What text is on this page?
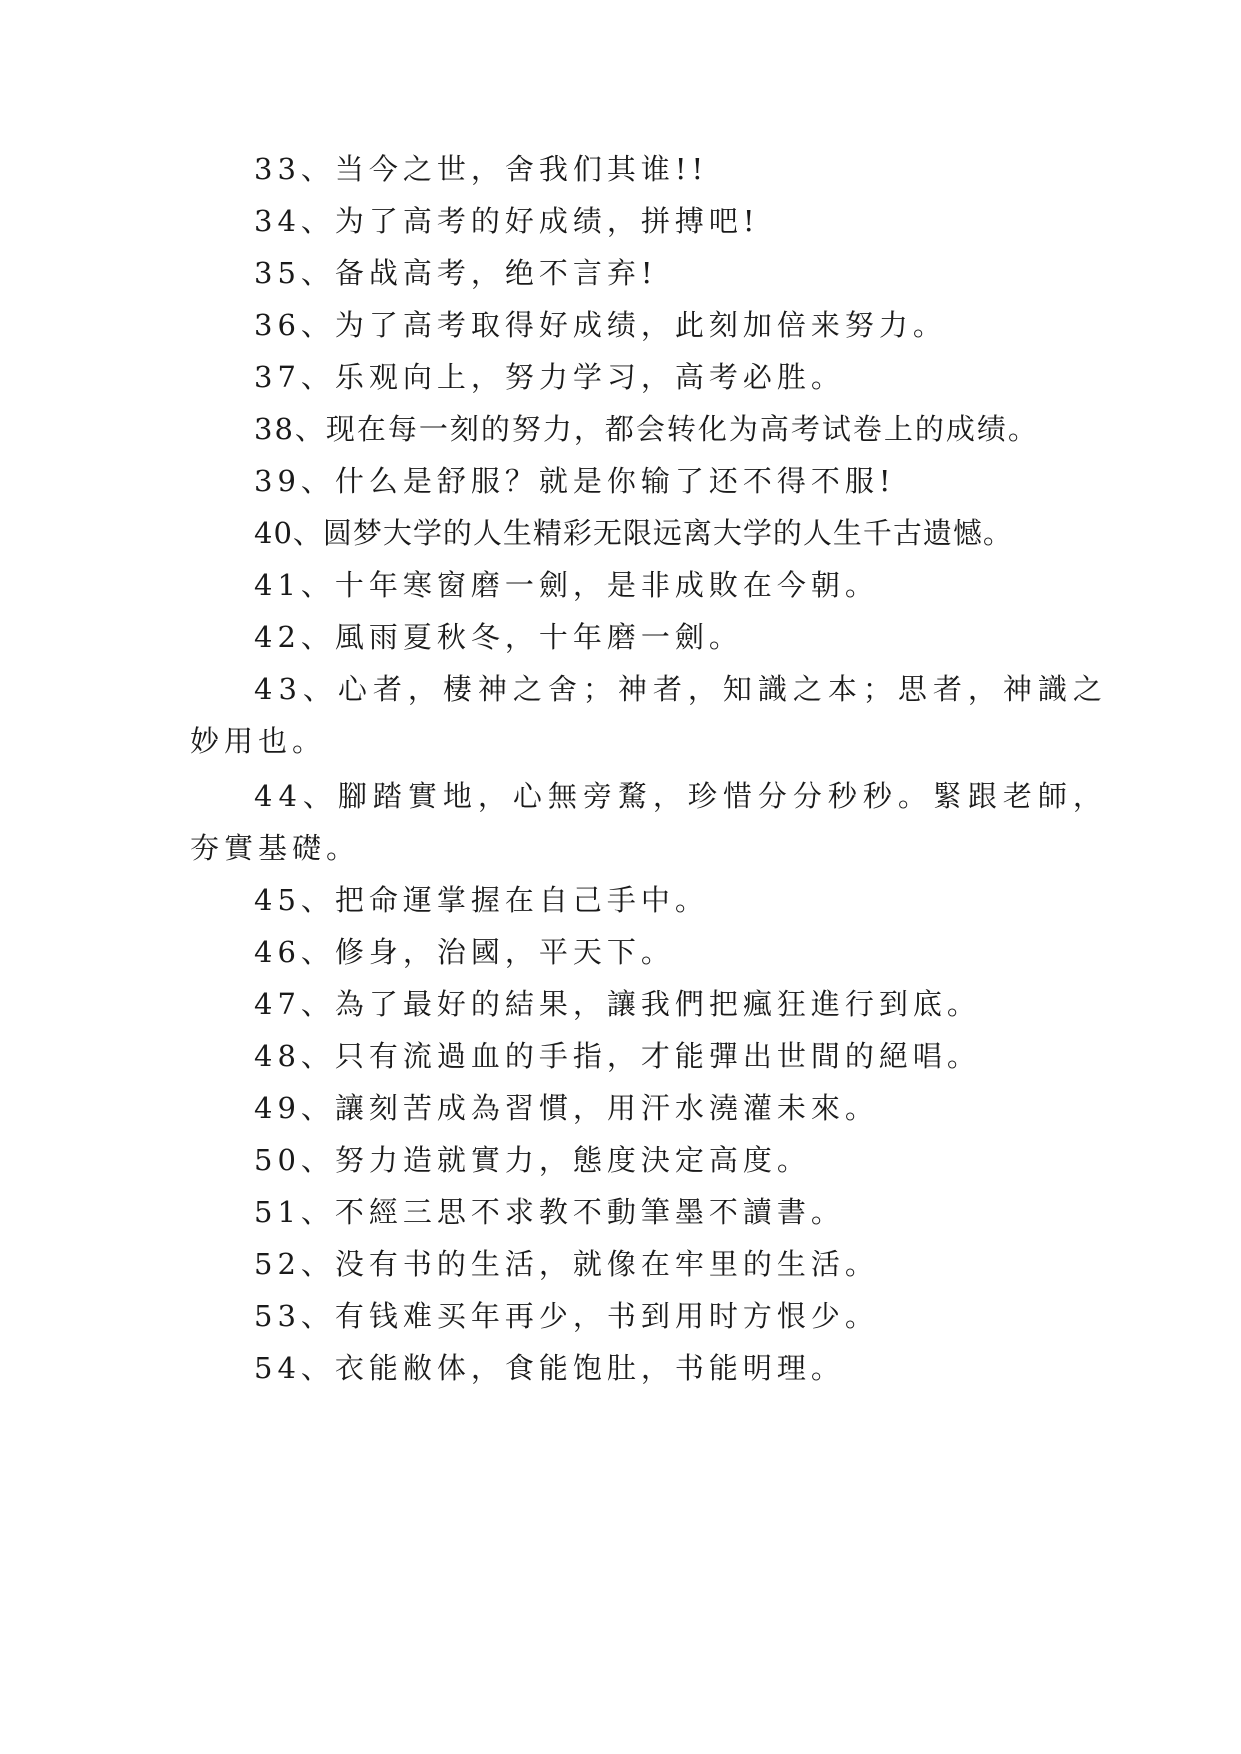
33、当今之世，舍我们其谁!!
34、为了高考的好成绩，拼搏吧!
35、备战高考，绝不言弃!
36、为了高考取得好成绩，此刻加倍来努力。
37、乐观向上，努力学习，高考必胜。
38、现在每一刻的努力，都会转化为高考试卷上的成绩。
39、什么是舒服？就是你输了还不得不服!
40、圆梦大学的人生精彩无限远离大学的人生千古遗憾。
41、十年寒窗磨一劍，是非成敗在今朝。
42、風雨夏秋冬，十年磨一劍。
43、心者，棲神之舍；神者，知識之本；思者，神識之
妙用也。
44、腳踏實地，心無旁騖，珍惜分分秒秒。緊跟老師，
夯實基礎。
45、把命運掌握在自己手中。
46、修身，治國，平天下。
47、為了最好的結果，讓我們把瘋狂進行到底。
48、只有流過血的手指，才能彈出世間的絕唱。
49、讓刻苦成為習慣，用汗水澆灌未來。
50、努力造就實力，態度決定高度。
51、不經三思不求教不動筆墨不讀書。
52、没有书的生活，就像在牢里的生活。
53、有钱难买年再少，书到用时方恨少。
54、衣能敝体，食能饱肚，书能明理。
